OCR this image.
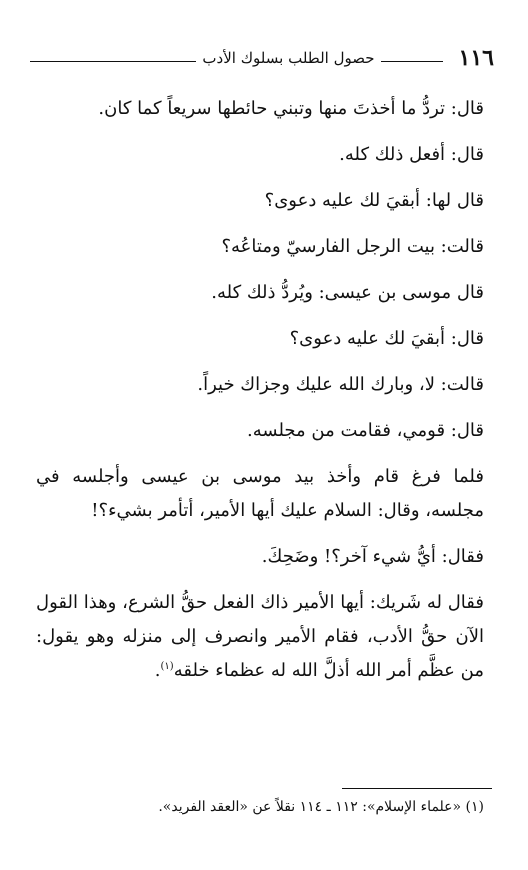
١١٦
حصول الطلب بسلوك الأدب

قال: تردُّ ما أخذتَ منها وتبني حائطها سريعاً كما كان.

قال: أفعل ذلك كله.

قال لها: أبقيَ لك عليه دعوى؟

قالت: بيت الرجل الفارسيّ ومتاعُه؟

قال موسى بن عيسى: ويُردُّ ذلك كله.

قال: أبقيَ لك عليه دعوى؟

قالت: لا، وبارك الله عليك وجزاك خيراً.

قال: قومي، فقامت من مجلسه.

فلما فرغ قام وأخذ بيد موسى بن عيسى وأجلسه في مجلسه، وقال: السلام عليك أيها الأمير، أتأمر بشيء؟!

فقال: أيُّ شيء آخر؟! وضَحِكَ.

فقال له شَريك: أيها الأمير ذاك الفعل حقُّ الشرع، وهذا القول الآن حقُّ الأدب، فقام الأمير وانصرف إلى منزله وهو يقول: من عظَّم أمر الله أذلَّ الله له عظماء خلقه$^{(١)}$.

(١) «علماء الإسلام»: ١١٢ ـ ١١٤ نقلاً عن «العقد الفريد».
